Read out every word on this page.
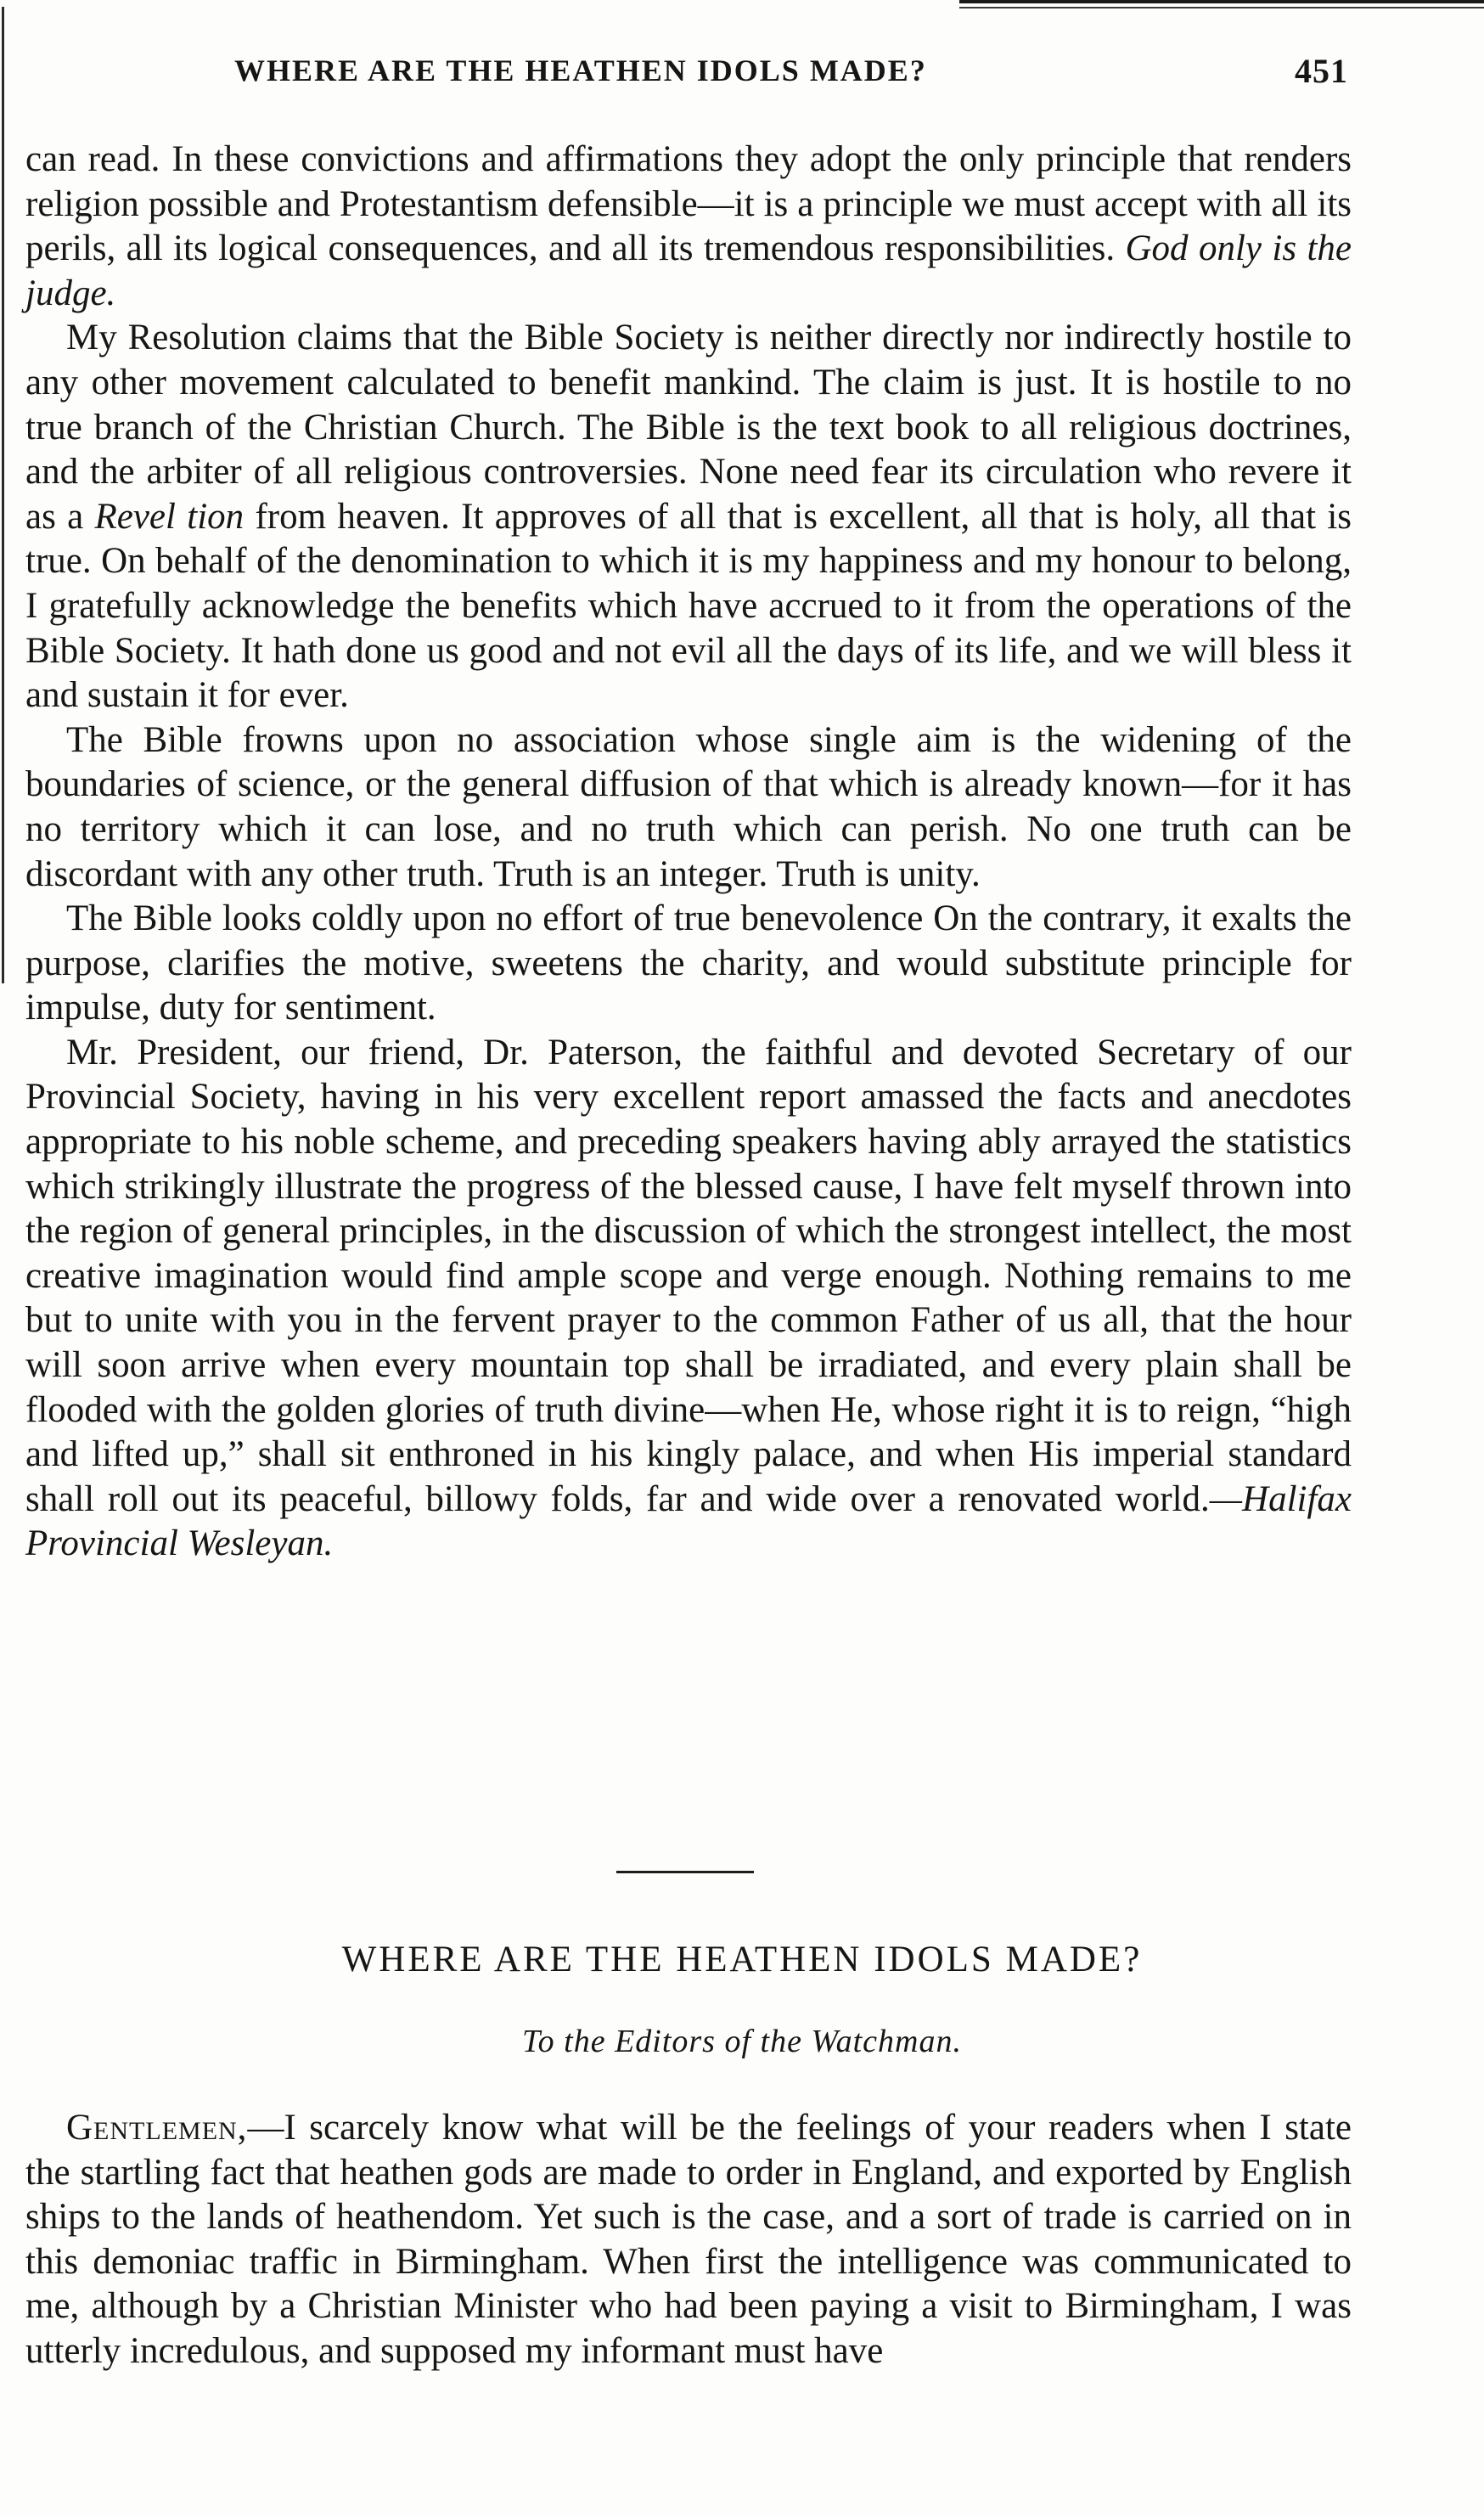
WHERE ARE THE HEATHEN IDOLS MADE?	451

can read. In these convictions and affirmations they adopt the only principle that renders religion possible and Protestantism defensible—it is a principle we must accept with all its perils, all its logical consequences, and all its tremendous responsibilities. God only is the judge.

My Resolution claims that the Bible Society is neither directly nor indirectly hostile to any other movement calculated to benefit mankind. The claim is just. It is hostile to no true branch of the Christian Church. The Bible is the text book to all religious doctrines, and the arbiter of all religious controversies. None need fear its circulation who revere it as a Revel tion from heaven. It approves of all that is excellent, all that is holy, all that is true. On behalf of the denomination to which it is my happiness and my honour to belong, I gratefully acknowledge the benefits which have accrued to it from the operations of the Bible Society. It hath done us good and not evil all the days of its life, and we will bless it and sustain it for ever.

The Bible frowns upon no association whose single aim is the widening of the boundaries of science, or the general diffusion of that which is already known—for it has no territory which it can lose, and no truth which can perish. No one truth can be discordant with any other truth. Truth is an integer. Truth is unity.

The Bible looks coldly upon no effort of true benevolence On the contrary, it exalts the purpose, clarifies the motive, sweetens the charity, and would substitute principle for impulse, duty for sentiment.

Mr. President, our friend, Dr. Paterson, the faithful and devoted Secretary of our Provincial Society, having in his very excellent report amassed the facts and anecdotes appropriate to his noble scheme, and preceding speakers having ably arrayed the statistics which strikingly illustrate the progress of the blessed cause, I have felt myself thrown into the region of general principles, in the discussion of which the strongest intellect, the most creative imagination would find ample scope and verge enough. Nothing remains to me but to unite with you in the fervent prayer to the common Father of us all, that the hour will soon arrive when every mountain top shall be irradiated, and every plain shall be flooded with the golden glories of truth divine—when He, whose right it is to reign, “high and lifted up,” shall sit enthroned in his kingly palace, and when His imperial standard shall roll out its peaceful, billowy folds, far and wide over a renovated world.—Halifax Provincial Wesleyan.

WHERE ARE THE HEATHEN IDOLS MADE?
To the Editors of the Watchman.

Gentlemen,—I scarcely know what will be the feelings of your readers when I state the startling fact that heathen gods are made to order in England, and exported by English ships to the lands of heathendom. Yet such is the case, and a sort of trade is carried on in this demoniac traffic in Birmingham. When first the intelligence was communicated to me, although by a Christian Minister who had been paying a visit to Birmingham, I was utterly incredulous, and supposed my informant must have
